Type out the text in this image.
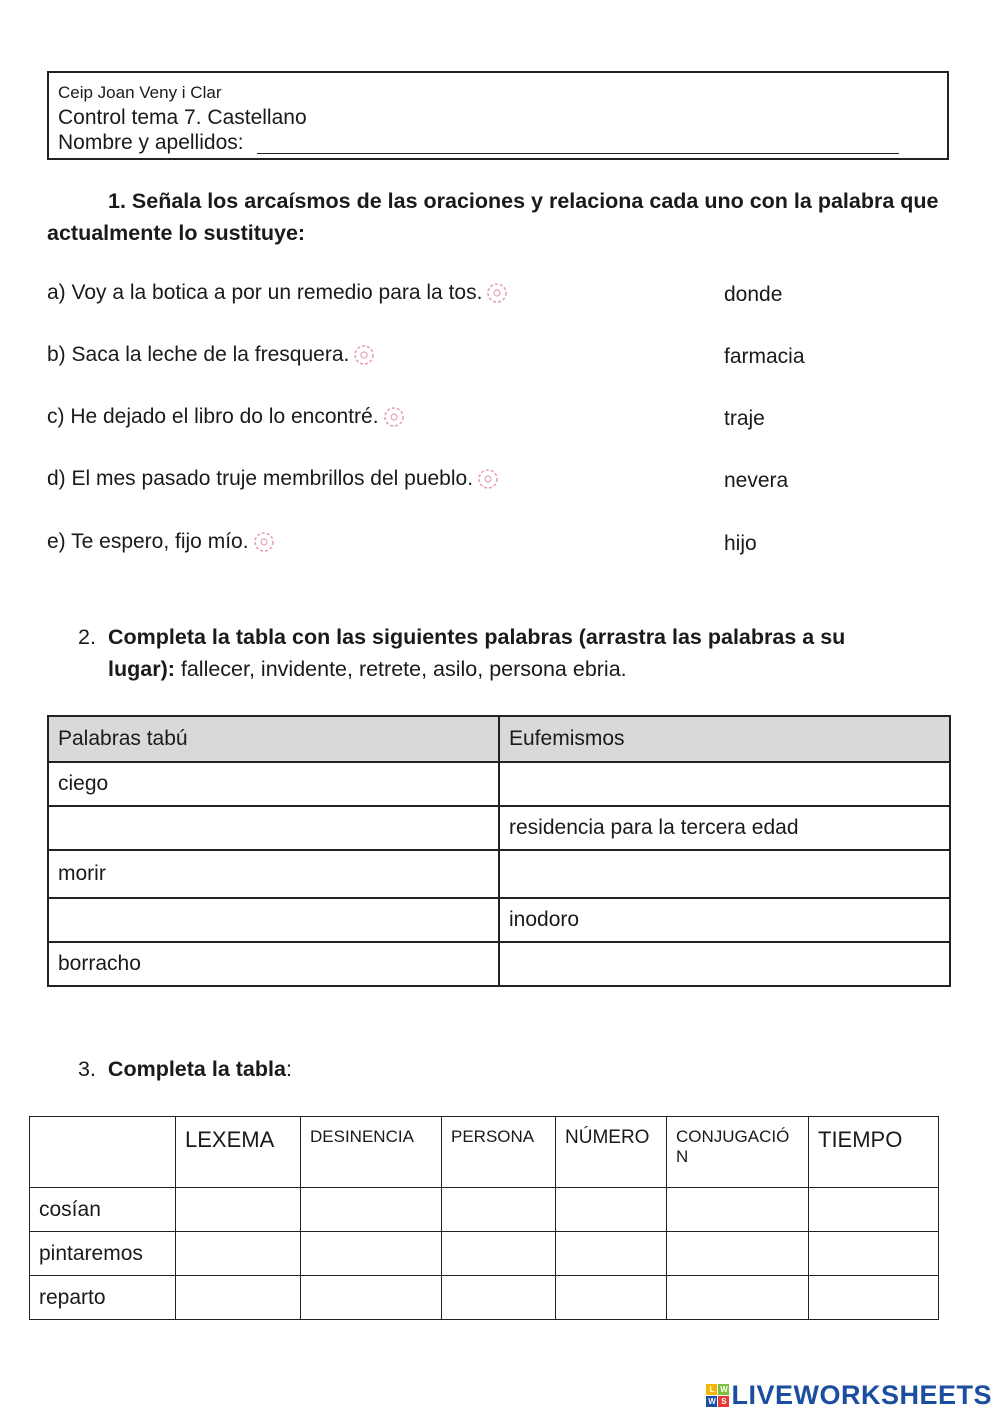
Ceip Joan Veny i Clar
Control tema 7. Castellano
Nombre y apellidos:
1. Señala los arcaísmos de las oraciones y relaciona cada uno con la palabra que actualmente lo sustituye:
a) Voy a la botica a por un remedio para la tos.	donde
b) Saca la leche de la fresquera.	farmacia
c) He dejado el libro do lo encontré.	traje
d) El mes pasado truje membrillos del pueblo.	nevera
e) Te espero, fijo mío.	hijo
2. Completa la tabla con las siguientes palabras (arrastra las palabras a su
lugar): fallecer, invidente, retrete, asilo, persona ebria.
Palabras tabú	Eufemismos
ciego	
	residencia para la tercera edad
morir	
	inodoro
borracho	
3. Completa la tabla:
	LEXEMA	DESINENCIA	PERSONA	NÚMERO	CONJUGACIÓ N	TIEMPO
cosían						
pintaremos						
reparto						
L W
W S LIVEWORKSHEETS
